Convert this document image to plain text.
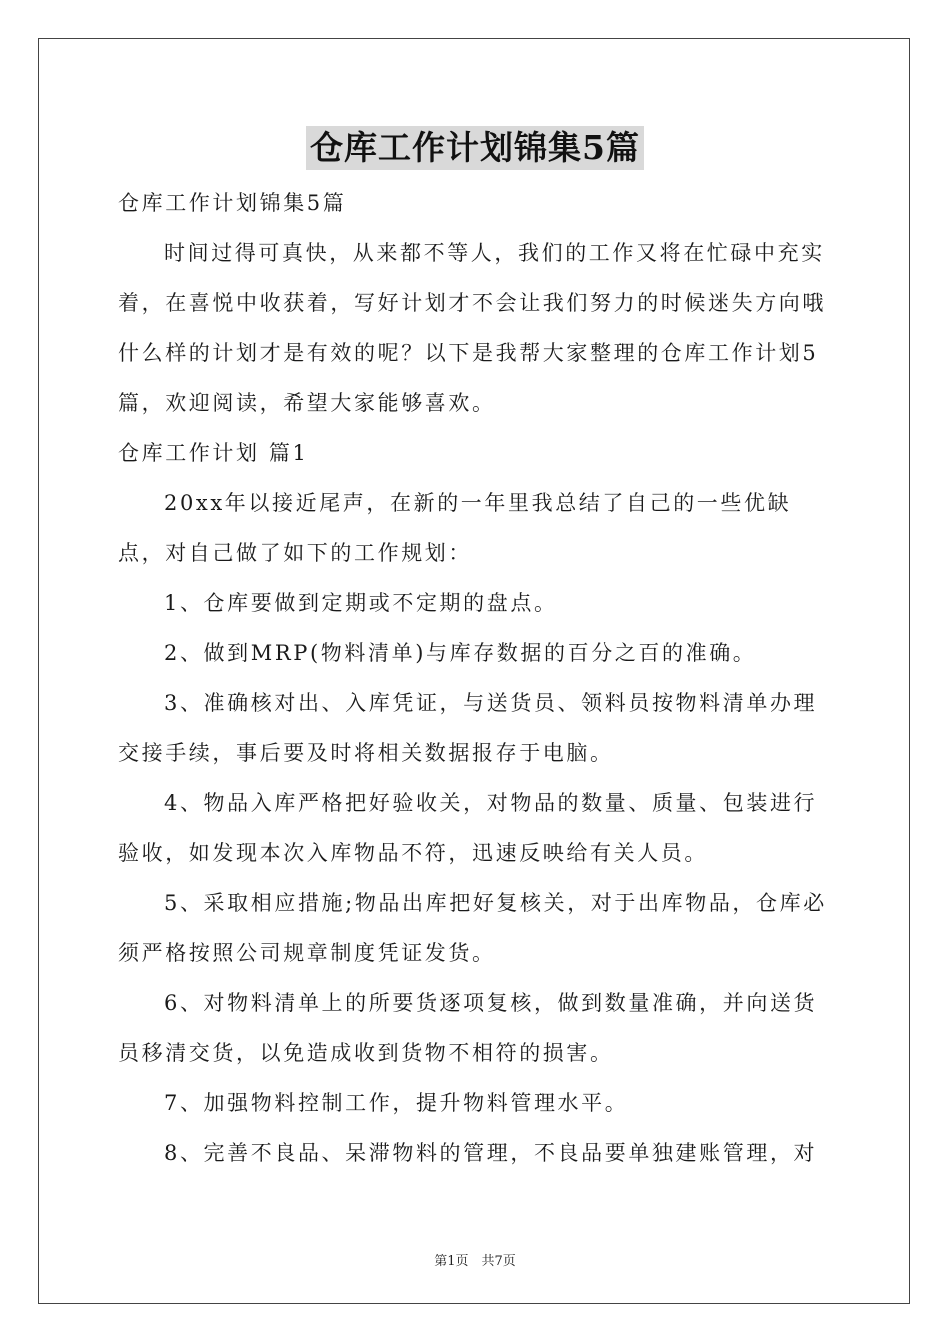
仓库工作计划锦集5篇

仓库工作计划锦集5篇

时间过得可真快，从来都不等人，我们的工作又将在忙碌中充实着，在喜悦中收获着，写好计划才不会让我们努力的时候迷失方向哦什么样的计划才是有效的呢？以下是我帮大家整理的仓库工作计划5篇，欢迎阅读，希望大家能够喜欢。

仓库工作计划 篇1

20xx年以接近尾声，在新的一年里我总结了自己的一些优缺点，对自己做了如下的工作规划：

1、仓库要做到定期或不定期的盘点。

2、做到MRP(物料清单)与库存数据的百分之百的准确。

3、准确核对出、入库凭证，与送货员、领料员按物料清单办理交接手续，事后要及时将相关数据报存于电脑。

4、物品入库严格把好验收关，对物品的数量、质量、包装进行验收，如发现本次入库物品不符，迅速反映给有关人员。

5、采取相应措施;物品出库把好复核关，对于出库物品，仓库必须严格按照公司规章制度凭证发货。

6、对物料清单上的所要货逐项复核，做到数量准确，并向送货员移清交货，以免造成收到货物不相符的损害。

7、加强物料控制工作，提升物料管理水平。

8、完善不良品、呆滞物料的管理，不良品要单独建账管理，对

第1页　共7页
